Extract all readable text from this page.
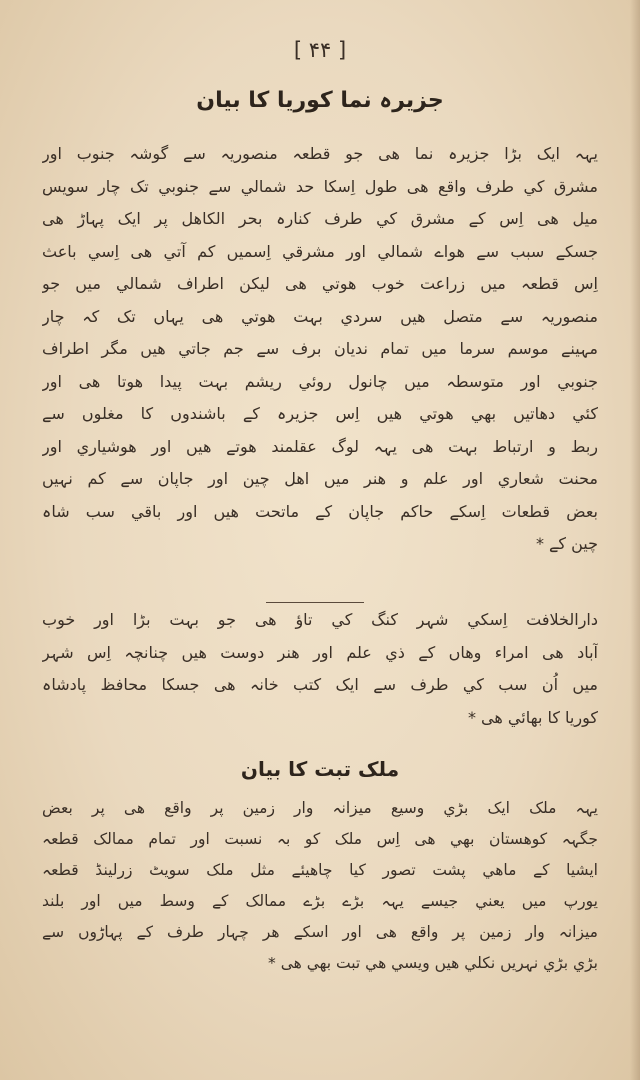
[ ۴۴ ]
جزيرہ نما کوريا کا بيان
يہہ ايک بڑا جزيرہ نما ھى جو قطعہ منصوريہ سے گوشہ جنوب اور
مشرق کي طرف واقع ھى طول اِسکا حد شمالي سے جنوبي تک چار سويس
ميل ھى اِس کے مشرق کي طرف کنارہ بحر الکاھل پر ايک پہاڑ ھى
جسکے سبب سے ھواے شمالي اور مشرقي اِسميں کم آتي ھى اِسي باعث
اِس قطعہ ميں زراعت خوب ھوتي ھى ليکن اطراف شمالي ميں جو
منصوريہ سے متصل ھيں سردي بہت ھوتي ھى يہاں تک کہ چار
مہينے موسم سرما ميں تمام نديان برف سے جم جاتي ھيں مگر اطراف
جنوبي اور متوسطہ ميں چانول روئي ريشم بہت پيدا ھوتا ھى اور
کئي دھاتيں بھي ھوتي ھيں اِس جزيرہ کے باشندوں کا مغلوں سے
ربط و ارتباط بہت ھى يہہ لوگ عقلمند ھوتے ھيں اور ھوشياري اور
محنت شعاري اور علم و ھنر ميں اھل چين اور جاپان سے کم نہيں
بعض قطعات اِسکے حاکم جاپان کے ماتحت ھيں اور باقي سب شاہ
چين کے *
دارالخلافت اِسکي شہر کنگ کي تاؤ ھى جو بہت بڑا اور خوب
آباد ھى امراء وھاں کے ذي علم اور ھنر دوست ھيں چنانچہ اِس شہر
ميں اُن سب کي طرف سے ايک کتب خانہ ھى جسکا محافظ پادشاہ
کوريا کا بھائي ھى *
ملک تبت کا بيان
يہہ ملک ايک بڑي وسيع ميزانہ وار زمين پر واقع ھى پر بعض
جگہہ کوھستان بھي ھى اِس ملک کو بہ نسبت اور تمام ممالک قطعہ
ايشيا کے ماھي پشت تصور کيا چاھيئے مثل ملک سويٹ زرلينڈ قطعہ
يورپ ميں يعني جيسے يہہ بڑے بڑے ممالک کے وسط ميں اور بلند
ميزانہ وار زمين پر واقع ھى اور اسکے ھر چہار طرف کے پہاڑوں سے
بڑي بڑي نہريں نکلي ھيں ويسي ھي تبت بھي ھى *
